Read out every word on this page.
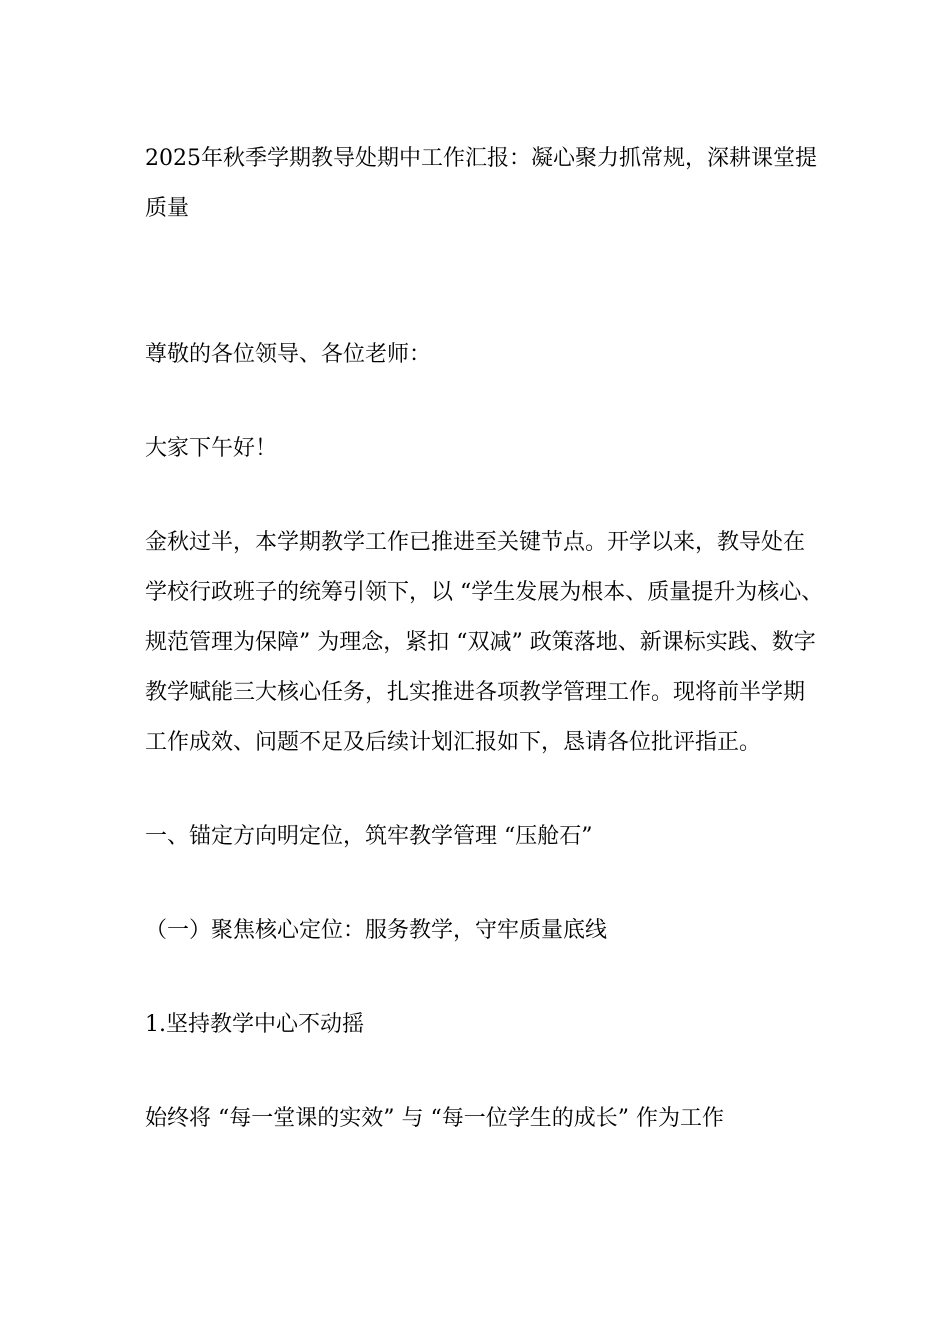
2025年秋季学期教导处期中工作汇报：凝心聚力抓常规，深耕课堂提质量

尊敬的各位领导、各位老师：

大家下午好！

金秋过半，本学期教学工作已推进至关键节点。开学以来，教导处在学校行政班子的统筹引领下，以 “学生发展为根本、质量提升为核心、规范管理为保障” 为理念，紧扣 “双减” 政策落地、新课标实践、数字教学赋能三大核心任务，扎实推进各项教学管理工作。现将前半学期工作成效、问题不足及后续计划汇报如下，恳请各位批评指正。

一、锚定方向明定位，筑牢教学管理 “压舱石”

（一）聚焦核心定位：服务教学，守牢质量底线

1.坚持教学中心不动摇

始终将 “每一堂课的实效” 与 “每一位学生的成长” 作为工作
